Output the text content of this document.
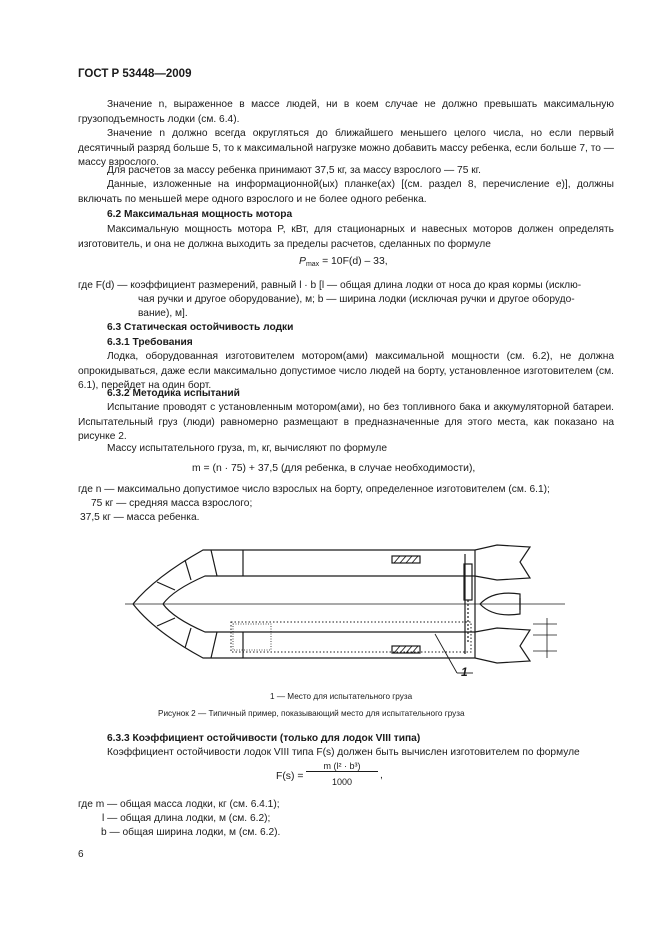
ГОСТ Р 53448—2009
Значение n, выраженное в массе людей, ни в коем случае не должно превышать максимальную грузоподъемность лодки (см. 6.4).
Значение n должно всегда округляться до ближайшего меньшего целого числа, но если первый десятичный разряд больше 5, то к максимальной нагрузке можно добавить массу ребенка, если больше 7, то — массу взрослого.
Для расчетов за массу ребенка принимают 37,5 кг, за массу взрослого — 75 кг.
Данные, изложенные на информационной(ых) планке(ах) [(см. раздел 8, перечисление е)], должны включать по меньшей мере одного взрослого и не более одного ребенка.
6.2 Максимальная мощность мотора
Максимальную мощность мотора P, кВт, для стационарных и навесных моторов должен определять изготовитель, и она не должна выходить за пределы расчетов, сделанных по формуле
$P_{max} = 10F(d) - 33$,
где F(d) — коэффициент размерений, равный l · b [l — общая длина лодки от носа до края кормы (исклю-
чая ручки и другое оборудование), м; b — ширина лодки (исключая ручки и другое оборудо-
вание), м].
6.3 Статическая остойчивость лодки
6.3.1 Требования
Лодка, оборудованная изготовителем мотором(ами) максимальной мощности (см. 6.2), не должна опрокидываться, даже если максимально допустимое число людей на борту, установленное изготовителем (см. 6.1), перейдет на один борт.
6.3.2 Методика испытаний
Испытание проводят с установленным мотором(ами), но без топливного бака и аккумуляторной батареи. Испытательный груз (люди) равномерно размещают в предназначенные для этого места, как показано на рисунке 2.
Массу испытательного груза, m, кг, вычисляют по формуле
m = (n · 75) + 37,5 (для ребенка, в случае необходимости),
где n — максимально допустимое число взрослых на борту, определенное изготовителем (см. 6.1);
75 кг — средняя масса взрослого;
37,5 кг — масса ребенка.
1
1 — Место для испытательного груза
Рисунок 2 — Типичный пример, показывающий место для испытательного груза
6.3.3 Коэффициент остойчивости (только для лодок VIII типа)
Коэффициент остойчивости лодок VIII типа F(s) должен быть вычислен изготовителем по формуле
F(s) =
m (l² · b³)
1000
,
где m — общая масса лодки, кг (см. 6.4.1);
l — общая длина лодки, м (см. 6.2);
b — общая ширина лодки, м (см. 6.2).
6
